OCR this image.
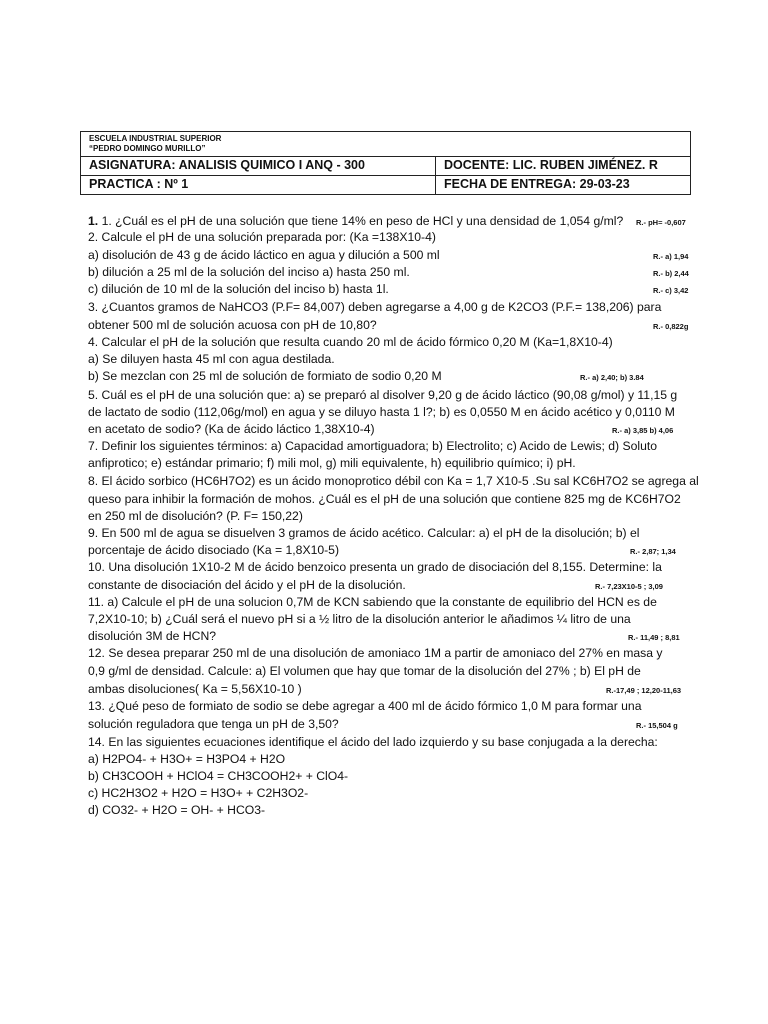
ESCUELA INDUSTRIAL SUPERIOR
“PEDRO DOMINGO MURILLO”
ASIGNATURA: ANALISIS QUIMICO I ANQ - 300	DOCENTE: LIC. RUBEN JIMÉNEZ. R
PRACTICA : Nº 1	FECHA DE ENTREGA: 29-03-23
1. 1. ¿Cuál es el pH de una solución que tiene 14% en peso de HCl y una densidad de 1,054 g/ml?	R.- pH= -0,607
2. Calcule el pH de una solución preparada por: (Ka =138X10-4)
a) disolución de 43 g de ácido láctico en agua y dilución a 500 ml	R.- a) 1,94
b) dilución a 25 ml de la solución del inciso a) hasta 250 ml.	R.- b) 2,44
c) dilución de 10 ml de la solución del inciso b) hasta 1l.	R.- c) 3,42
3. ¿Cuantos gramos de NaHCO3 (P.F= 84,007) deben agregarse a 4,00 g de K2CO3 (P.F.= 138,206) para
obtener 500 ml de solución acuosa con pH de 10,80?	R.- 0,822g
4. Calcular el pH de la solución que resulta cuando 20 ml de ácido fórmico 0,20 M (Ka=1,8X10-4)
a) Se diluyen hasta 45 ml con agua destilada.
b) Se mezclan con 25 ml de solución de formiato de sodio 0,20 M	R.- a) 2,40; b) 3.84
5. Cuál es el pH de una solución que: a) se preparó al disolver 9,20 g de ácido láctico (90,08 g/mol) y 11,15 g
de lactato de sodio (112,06g/mol) en agua y se diluyo hasta 1 l?; b) es 0,0550 M en ácido acético y 0,0110 M
en acetato de sodio? (Ka de ácido láctico 1,38X10-4)	R.- a) 3,85 b) 4,06
7. Definir los siguientes términos: a) Capacidad amortiguadora; b) Electrolito; c) Acido de Lewis; d) Soluto
anfiprotico; e) estándar primario; f) mili mol, g) mili equivalente, h) equilibrio químico; i) pH.
8. El ácido sorbico (HC6H7O2) es un ácido monoprotico débil con Ka = 1,7 X10-5 .Su sal KC6H7O2 se agrega al
queso para inhibir la formación de mohos. ¿Cuál es el pH de una solución que contiene 825 mg de KC6H7O2
en 250 ml de disolución? (P. F= 150,22)
9. En 500 ml de agua se disuelven 3 gramos de ácido acético. Calcular: a) el pH de la disolución; b) el
porcentaje de ácido disociado (Ka = 1,8X10-5)	R.- 2,87; 1,34
10. Una disolución 1X10-2 M de ácido benzoico presenta un grado de disociación del 8,155. Determine: la
constante de disociación del ácido y el pH de la disolución.	R.- 7,23X10-5 ; 3,09
11. a) Calcule el pH de una solucion 0,7M de KCN sabiendo que la constante de equilibrio del HCN es de
7,2X10-10; b) ¿Cuál será el nuevo pH si a ½ litro de la disolución anterior le añadimos ¼ litro de una
disolución 3M de HCN?	R.- 11,49 ; 8,81
12. Se desea preparar 250 ml de una disolución de amoniaco 1M a partir de amoniaco del 27% en masa y
0,9 g/ml de densidad. Calcule: a) El volumen que hay que tomar de la disolución del 27% ; b) El pH de
ambas disoluciones( Ka = 5,56X10-10 )	R.-17,49 ; 12,20-11,63
13. ¿Qué peso de formiato de sodio se debe agregar a 400 ml de ácido fórmico 1,0 M para formar una
solución reguladora que tenga un pH de 3,50?	R.- 15,504 g
14. En las siguientes ecuaciones identifique el ácido del lado izquierdo y su base conjugada a la derecha:
a) H2PO4- + H3O+ = H3PO4 + H2O
b) CH3COOH + HClO4 = CH3COOH2+ + ClO4-
c) HC2H3O2 + H2O = H3O+ + C2H3O2-
d) CO32- + H2O = OH- + HCO3-
